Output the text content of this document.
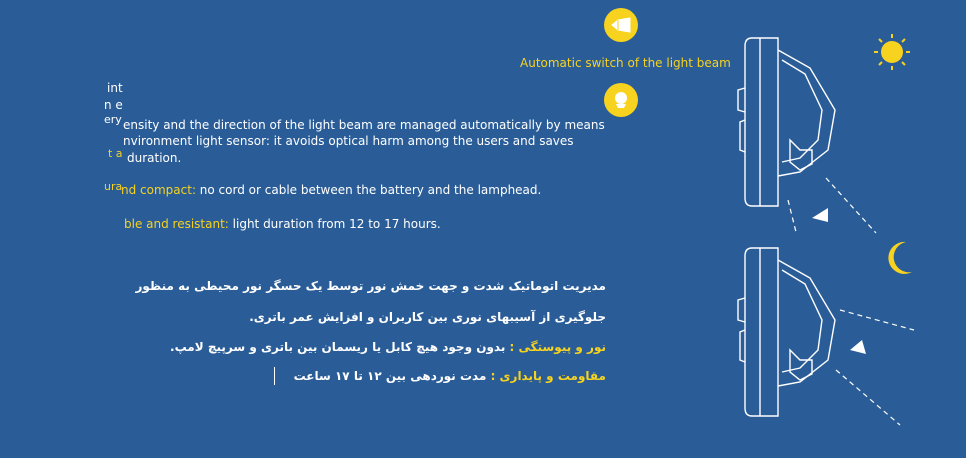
Automatic switch of the light beam
int
n e
ery ensity and the direction of the light beam are managed automatically by means
nvironment light sensor: it avoids optical harm among the users and saves
t a duration.
ura
nd compact: no cord or cable between the battery and the lamphead.
ble and resistant: light duration from 12 to 17 hours.
مدیریت اتوماتیک شدت و جهت خمش نور توسط یک حسگر نور محیطی به منظور
جلوگیری از آسیبهای نوری بین کاربران و افزایش عمر باتری.
نور و پیوستگی : بدون وجود هیچ کابل یا ریسمان بین باتری و سرپیچ لامپ.
مقاومت و پایداری : مدت نوردهی بین ۱۲ تا ۱۷ ساعت
